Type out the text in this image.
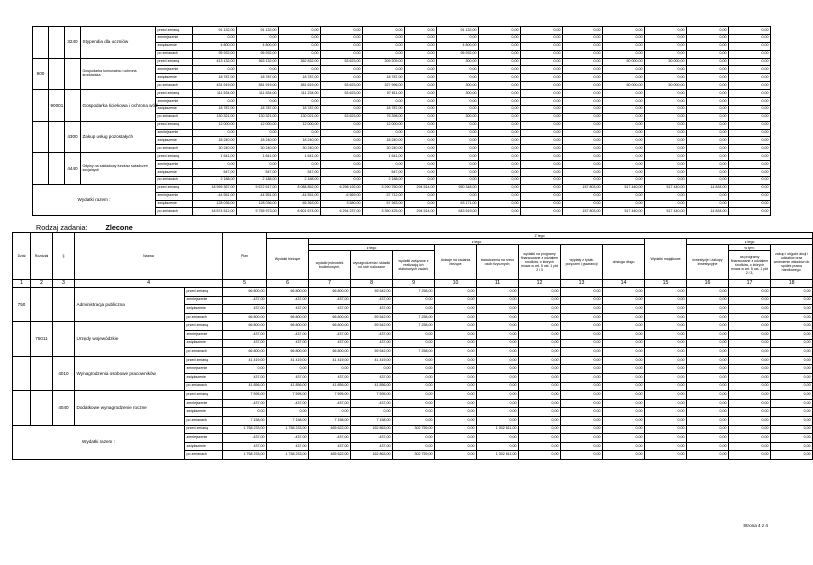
		3240	Stypendia dla uczniów	przed zmianą	91 132,00	91 132,00	0,00	0,00	0,00	0,00	91 132,00	0,00	0,00	0,00	0,00	0,00	0,00	0,00
				zmniejszenie	0,00	0,00	0,00	0,00	0,00	0,00	0,00	0,00	0,00	0,00	0,00	0,00	0,00	0,00
				zwiększenie	4 800,00	4 800,00	0,00	0,00	0,00	0,00	4 800,00	0,00	0,00	0,00	0,00	0,00	0,00	0,00
				po zmianach	95 932,00	95 932,00	0,00	0,00	0,00	0,00	95 932,00	0,00	0,00	0,00	0,00	0,00	0,00	0,00
900			Gospodarka komunalna i ochrona środowiska	przed zmianą	413 132,00	363 132,00	362 832,00	53 623,00	309 209,00	0,00	300,00	0,00	0,00	0,00	50 000,00	50 000,00	0,00	0,00
				zmniejszenie	0,00	0,00	0,00	0,00	0,00	0,00	0,00	0,00	0,00	0,00	0,00	0,00	0,00	0,00
				zwiększenie	18 787,00	18 787,00	18 787,00	0,00	18 787,00	0,00	0,00	0,00	0,00	0,00	0,00	0,00	0,00	0,00
				po zmianach	431 919,00	381 919,00	381 619,00	53 623,00	327 996,00	0,00	300,00	0,00	0,00	0,00	50 000,00	50 000,00	0,00	0,00
	90001		Gospodarka ściekowa i ochrona wód	przed zmianą	111 534,00	111 534,00	111 234,00	53 623,00	57 611,00	0,00	300,00	0,00	0,00	0,00	0,00	0,00	0,00	0,00
				zmniejszenie	0,00	0,00	0,00	0,00	0,00	0,00	0,00	0,00	0,00	0,00	0,00	0,00	0,00	0,00
				zwiększenie	18 787,00	18 787,00	18 787,00	0,00	18 787,00	0,00	0,00	0,00	0,00	0,00	0,00	0,00	0,00	0,00
				po zmianach	130 321,00	130 321,00	130 021,00	53 623,00	76 398,00	0,00	300,00	0,00	0,00	0,00	0,00	0,00	0,00	0,00
		4300	Zakup usług pozostałych	przed zmianą	12 000,00	12 000,00	12 000,00	0,00	12 000,00	0,00	0,00	0,00	0,00	0,00	0,00	0,00	0,00	0,00
				zmniejszenie	0,00	0,00	0,00	0,00	0,00	0,00	0,00	0,00	0,00	0,00	0,00	0,00	0,00	0,00
				zwiększenie	18 240,00	18 240,00	18 240,00	0,00	18 240,00	0,00	0,00	0,00	0,00	0,00	0,00	0,00	0,00	0,00
				po zmianach	30 240,00	30 240,00	30 240,00	0,00	30 240,00	0,00	0,00	0,00	0,00	0,00	0,00	0,00	0,00	0,00
		4440	Odpisy na zakładowy fundusz świadczeń socjalnych	przed zmianą	1 641,00	1 641,00	1 641,00	0,00	1 641,00	0,00	0,00	0,00	0,00	0,00	0,00	0,00	0,00	0,00
				zmniejszenie	0,00	0,00	0,00	0,00	0,00	0,00	0,00	0,00	0,00	0,00	0,00	0,00	0,00	0,00
				zwiększenie	547,00	547,00	547,00	0,00	547,00	0,00	0,00	0,00	0,00	0,00	0,00	0,00	0,00	0,00
				po zmianach	2 188,00	2 188,00	2 188,00	0,00	2 188,00	0,00	0,00	0,00	0,00	0,00	0,00	0,00	0,00	0,00
Wydatki razem :				przed zmianą	18 599 357,00	9 672 517,00	8 088 852,00	6 298 192,00	3 290 760,00	294 514,00	550 348,00	0,00	0,00	157 803,00	517 440,00	517 440,00	14 834,00	0,00
				zmniejszenie	-44 551,00	-44 551,00	-44 551,00	-6 569,00	-37 712,00	0,00	0,00	0,00	0,00	0,00	0,00	0,00	0,00	0,00
				zwiększenie	128 036,00	128 036,00	65 363,00	3 580,00	57 363,00	0,00	63 171,00	0,00	0,00	0,00	0,00	0,00	0,00	0,00
				po zmianach	18 674 512,00	9 755 973,00	8 601 674,00	6 294 237,00	3 350 425,00	294 514,00	643 519,00	0,00	0,00	157 803,00	517 440,00	517 440,00	14 834,00	0,00
Rodzaj zadania:	Zlecone
Dział	Rozdział	§	Nazwa		Plan	Z tego												
						Wydatki bieżące	z tego								Wydatki majątkowe	z tego		
							z tego			dotacje na zadania bieżące	świadczenia na rzecz osób fizycznych;	wydatki na programy finansowane z udziałem środków, o których mowa w art. 5 ust. 1 pkt 2 i 3	wypłaty z tytułu poręczeń i gwarancji	obsługa długu		inwestycje i zakupy inwestycyjne	w tym:	zakup i objęcie akcji i udziałów oraz wniesienie wkładów do spółek prawa handlowego.
							wydatki jednostek budżetowych,	wynagrodzenia i składki od nich naliczane	wydatki związane z realizacją ich statutowych zadań;								na programy finansowane z udziałem środków, o których mowa w art. 5 ust. 1 pkt 2 i 3,	
1	2	3	4		5	6	7	8	9	10	11	12	13	14	15	16	17	18
750			Administracja publiczna	przed zmianą	66 800,00	66 800,00	66 800,00	59 542,00	7 258,00	0,00	0,00	0,00	0,00	0,00	0,00	0,00	0,00	0,00
				zmniejszenie	-437,00	-437,00	-437,00	-437,00	0,00	0,00	0,00	0,00	0,00	0,00	0,00	0,00	0,00	0,00
				zwiększenie	437,00	437,00	437,00	437,00	0,00	0,00	0,00	0,00	0,00	0,00	0,00	0,00	0,00	0,00
				po zmianach	66 800,00	66 800,00	66 800,00	59 542,00	7 258,00	0,00	0,00	0,00	0,00	0,00	0,00	0,00	0,00	0,00
	75011		Urzędy wojewódzkie	przed zmianą	66 800,00	66 800,00	66 800,00	59 542,00	7 258,00	0,00	0,00	0,00	0,00	0,00	0,00	0,00	0,00	0,00
				zmniejszenie	-437,00	-437,00	-437,00	-437,00	0,00	0,00	0,00	0,00	0,00	0,00	0,00	0,00	0,00	0,00
				zwiększenie	437,00	437,00	437,00	437,00	0,00	0,00	0,00	0,00	0,00	0,00	0,00	0,00	0,00	0,00
				po zmianach	66 800,00	66 800,00	66 800,00	59 542,00	7 258,00	0,00	0,00	0,00	0,00	0,00	0,00	0,00	0,00	0,00
		4010	Wynagrodzenia osobowe pracowników	przed zmianą	41 419,00	41 419,00	41 419,00	41 419,00	0,00	0,00	0,00	0,00	0,00	0,00	0,00	0,00	0,00	0,00
				zmniejszenie	0,00	0,00	0,00	0,00	0,00	0,00	0,00	0,00	0,00	0,00	0,00	0,00	0,00	0,00
				zwiększenie	437,00	437,00	437,00	437,00	0,00	0,00	0,00	0,00	0,00	0,00	0,00	0,00	0,00	0,00
				po zmianach	41 856,00	41 856,00	41 856,00	41 856,00	0,00	0,00	0,00	0,00	0,00	0,00	0,00	0,00	0,00	0,00
		4040	Dodatkowe wynagrodzenie roczne	przed zmianą	7 595,00	7 595,00	7 595,00	7 595,00	0,00	0,00	0,00	0,00	0,00	0,00	0,00	0,00	0,00	0,00
				zmniejszenie	-437,00	-437,00	-437,00	-437,00	0,00	0,00	0,00	0,00	0,00	0,00	0,00	0,00	0,00	0,00
				zwiększenie	0,00	0,00	0,00	0,00	0,00	0,00	0,00	0,00	0,00	0,00	0,00	0,00	0,00	0,00
				po zmianach	7 158,00	7 158,00	7 158,00	7 158,00	0,00	0,00	0,00	0,00	0,00	0,00	0,00	0,00	0,00	0,00
Wydatki razem :				przed zmianą	1 758 233,00	1 758 233,00	465 622,00	162 863,00	302 759,00	0,00	1 302 611,00	0,00	0,00	0,00	0,00	0,00	0,00	0,00
				zmniejszenie	-437,00	-437,00	-437,00	-437,00	0,00	0,00	0,00	0,00	0,00	0,00	0,00	0,00	0,00	0,00
				zwiększenie	437,00	437,00	437,00	437,00	0,00	0,00	0,00	0,00	0,00	0,00	0,00	0,00	0,00	0,00
				po zmianach	1 758 233,00	1 758 233,00	465 622,00	162 863,00	302 759,00	0,00	1 302 611,00	0,00	0,00	0,00	0,00	0,00	0,00	0,00
Strona 4 z 4
